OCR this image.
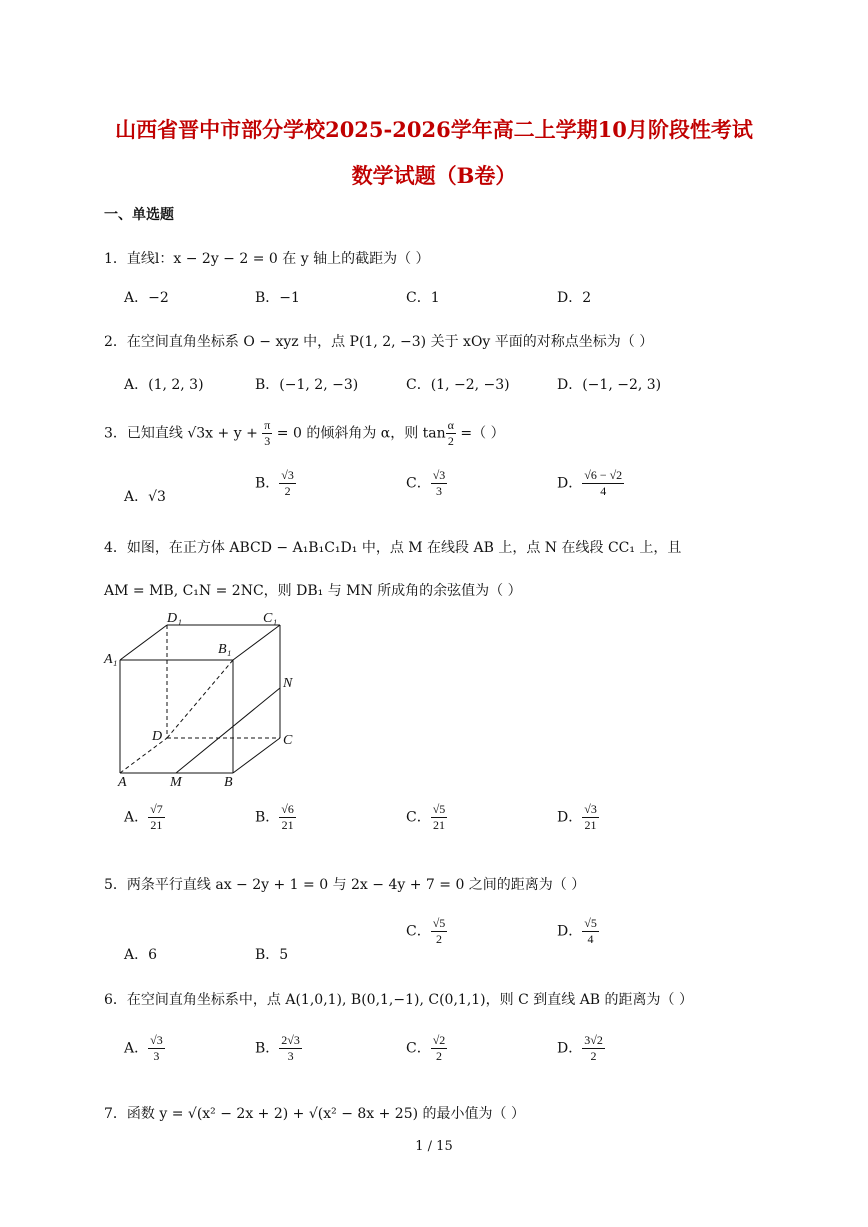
山西省晋中市部分学校2025-2026学年高二上学期10月阶段性考试
数学试题（B卷）
一、单选题
1．直线l：x − 2y − 2 = 0 在 y 轴上的截距为（ ）
A．−2	B．−1	C．1	D．2
2．在空间直角坐标系 O − xyz 中，点 P(1, 2, −3) 关于 xOy 平面的对称点坐标为（ ）
A．(1, 2, 3)	B．(−1, 2, −3)	C．(1, −2, −3)	D．(−1, −2, 3)
3．已知直线 $√3x + y + \frac{\pi}{3} = 0$ 的倾斜角为 α，则 $\tan \frac{\alpha}{2}$ =（ ）
A．√3
B． $\frac{√3}{2}$	C． $\frac{√3}{3}$	D． $\frac{√6 - √2}{4}$
4．如图，在正方体 ABCD − A₁B₁C₁D₁ 中，点 M 在线段 AB 上，点 N 在线段 CC₁ 上，且
AM = MB, C₁N = 2NC，则 DB₁ 与 MN 所成角的余弦值为（ ）
D₁	C₁
A₁
B₁
N
D	C
A	M	B
A． $\frac{√7}{21}$	B． $\frac{√6}{21}$	C． $\frac{√5}{21}$	D． $\frac{√3}{21}$
5．两条平行直线 ax − 2y + 1 = 0 与 2x − 4y + 7 = 0 之间的距离为（ ）
A．6	B．5
C． $\frac{√5}{2}$	D． $\frac{√5}{4}$
6．在空间直角坐标系中，点 A(1,0,1), B(0,1,−1), C(0,1,1)，则 C 到直线 AB 的距离为（ ）
A． $\frac{√3}{3}$	B． $\frac{2√3}{3}$	C． $\frac{√2}{2}$	D． $\frac{3√2}{2}$
7．函数 y = √(x² − 2x + 2) + √(x² − 8x + 25) 的最小值为（ ）
1 / 15
